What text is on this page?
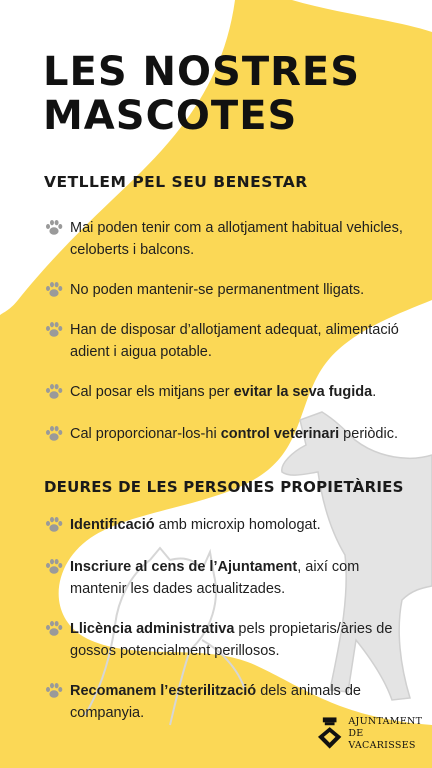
LES NOSTRES
MASCOTES
VETLLEM PEL SEU BENESTAR
Mai poden tenir com a allotjament habitual vehicles, celoberts i balcons.
No poden mantenir-se permanentment lligats.
Han de disposar d’allotjament adequat, alimentació adient i aigua potable.
Cal posar els mitjans per evitar la seva fugida.
Cal proporcionar-los-hi control veterinari periòdic.
DEURES DE LES PERSONES PROPIETÀRIES
Identificació amb microxip homologat.
Inscriure al cens de l’Ajuntament, així com mantenir les dades actualitzades.
Llicència administrativa pels propietaris/àries de gossos potencialment perillosos.
Recomanem l’esterilització dels animals de companyia.
AJUNTAMENT
DE VACARISSES
